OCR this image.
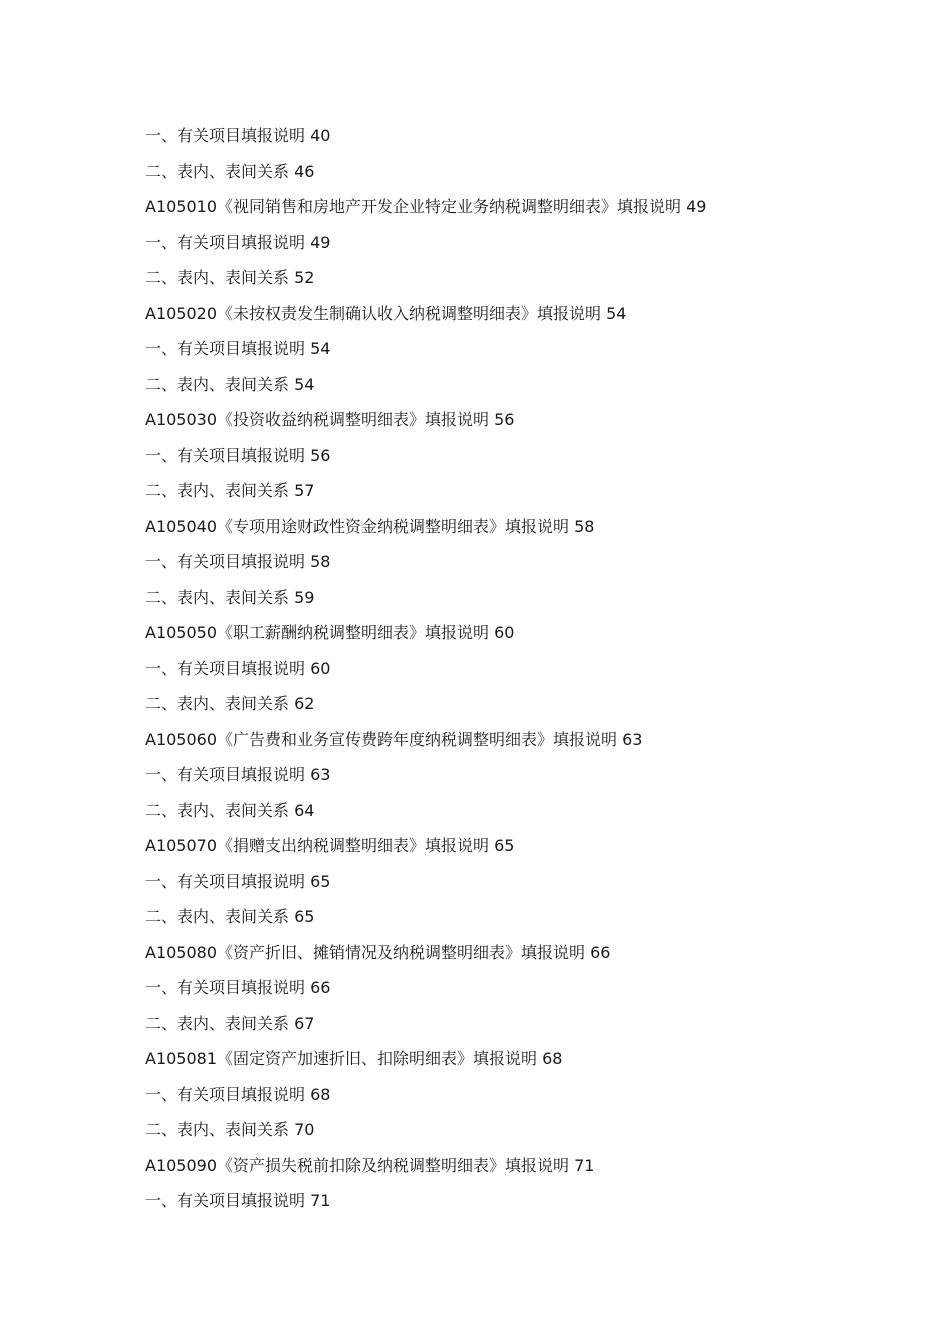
一、有关项目填报说明 40
二、表内、表间关系 46
A105010《视同销售和房地产开发企业特定业务纳税调整明细表》填报说明 49
一、有关项目填报说明 49
二、表内、表间关系 52
A105020《未按权责发生制确认收入纳税调整明细表》填报说明 54
一、有关项目填报说明 54
二、表内、表间关系 54
A105030《投资收益纳税调整明细表》填报说明 56
一、有关项目填报说明 56
二、表内、表间关系 57
A105040《专项用途财政性资金纳税调整明细表》填报说明 58
一、有关项目填报说明 58
二、表内、表间关系 59
A105050《职工薪酬纳税调整明细表》填报说明 60
一、有关项目填报说明 60
二、表内、表间关系 62
A105060《广告费和业务宣传费跨年度纳税调整明细表》填报说明 63
一、有关项目填报说明 63
二、表内、表间关系 64
A105070《捐赠支出纳税调整明细表》填报说明 65
一、有关项目填报说明 65
二、表内、表间关系 65
A105080《资产折旧、摊销情况及纳税调整明细表》填报说明 66
一、有关项目填报说明 66
二、表内、表间关系 67
A105081《固定资产加速折旧、扣除明细表》填报说明 68
一、有关项目填报说明 68
二、表内、表间关系 70
A105090《资产损失税前扣除及纳税调整明细表》填报说明 71
一、有关项目填报说明 71
